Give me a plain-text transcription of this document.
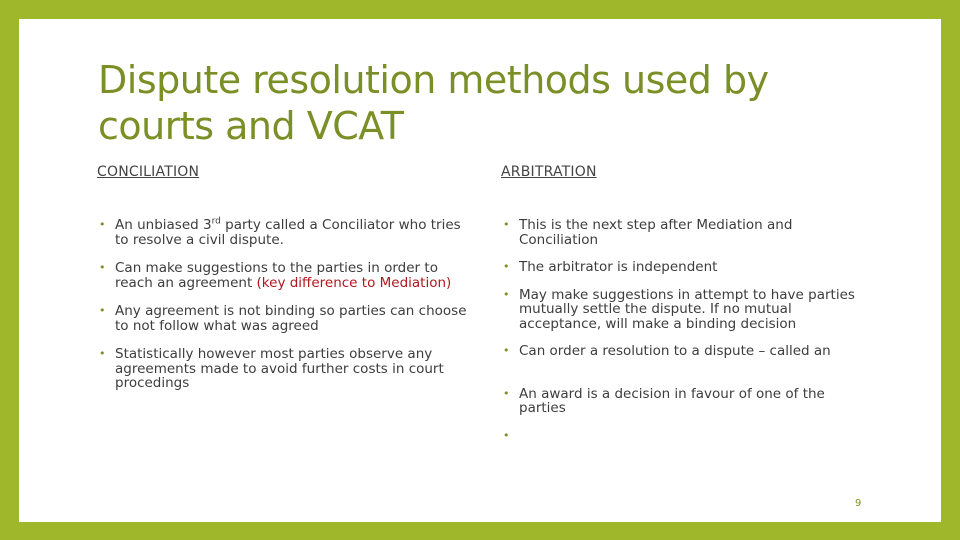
Dispute resolution methods used by courts and VCAT
CONCILIATION
• An unbiased 3rd party called a Conciliator who tries to resolve a civil dispute.
• Can make suggestions to the parties in order to reach an agreement (key difference to Mediation)
• Any agreement is not binding so parties can choose to not follow what was agreed
• Statistically however most parties observe any agreements made to avoid further costs in court procedings
ARBITRATION
• This is the next step after Mediation and Conciliation
• The arbitrator is independent
• May make suggestions in attempt to have parties mutually settle the dispute. If no mutual acceptance, will make a binding decision
• Can order a resolution to a dispute – called an
• An award is a decision in favour of one of the parties
•
9
